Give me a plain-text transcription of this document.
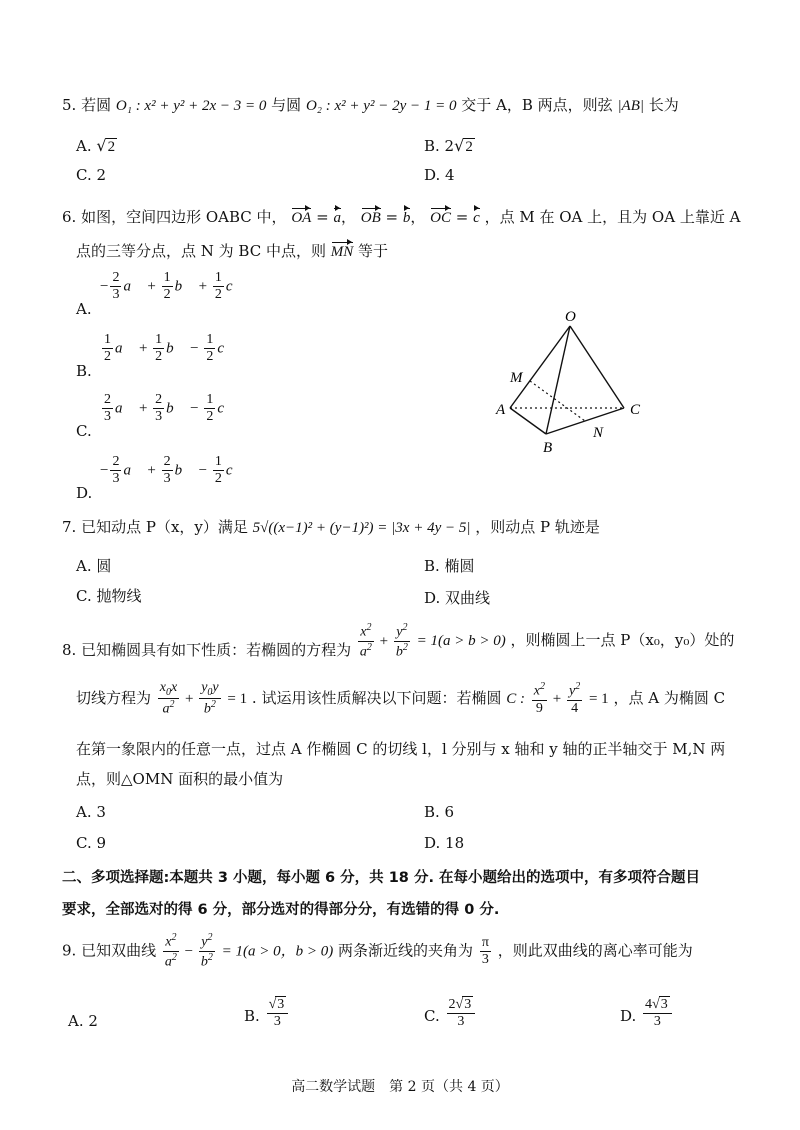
5. 若圆 O₁ : x² + y² + 2x − 3 = 0 与圆 O₂ : x² + y² − 2y − 1 = 0 交于 A，B 两点，则弦 |AB| 长为
A. √2	B. 2√2
C. 2	D. 4
6. 如图，空间四边形 OABC 中， OA = a， OB = b， OC = c ，点 M 在 OA 上，且为 OA 上靠近 A
点的三等分点，点 N 为 BC 中点，则 MN 等于
A.
− $\frac{2}{3}$ a⃗ + $\frac{1}{2}$ b⃗ + $\frac{1}{2}$ c⃗
B.
$\frac{1}{2}$ a⃗ + $\frac{1}{2}$ b⃗ − $\frac{1}{2}$ c⃗
C.
$\frac{2}{3}$ a⃗ + $\frac{2}{3}$ b⃗ − $\frac{1}{2}$ c⃗
D.
− $\frac{2}{3}$ a⃗ + $\frac{2}{3}$ b⃗ − $\frac{1}{2}$ c⃗
O
M
A	C
N
B
7. 已知动点 P（x，y）满足 5√((x−1)² + (y−1)²) = |3x + 4y − 5| ，则动点 P 轨迹是
A. 圆	B. 椭圆
C. 抛物线	D. 双曲线
8. 已知椭圆具有如下性质：若椭圆的方程为 $\frac{x^2}{a^2} + \frac{y^2}{b^2} = 1(a > b > 0)$ ，则椭圆上一点 P（x₀，y₀）处的
切线方程为 $\frac{x_0x}{a^2} + \frac{y_0y}{b^2} = 1$ . 试运用该性质解决以下问题：若椭圆 C : $\frac{x^2}{9} + \frac{y^2}{4} = 1$ ，点 A 为椭圆 C
在第一象限内的任意一点，过点 A 作椭圆 C 的切线 l，l 分别与 x 轴和 y 轴的正半轴交于 M,N 两
点，则△OMN 面积的最小值为
A. 3	B. 6
C. 9	D. 18
二、多项选择题:本题共 3 小题，每小题 6 分，共 18 分. 在每小题给出的选项中，有多项符合题目
要求，全部选对的得 6 分，部分选对的得部分分，有选错的得 0 分.
9. 已知双曲线 $\frac{x^2}{a^2} - \frac{y^2}{b^2} = 1(a > 0$，b > 0) 两条渐近线的夹角为 $\frac{\pi}{3}$ ，则此双曲线的离心率可能为
A. 2	B. $\frac{√3}{3}$	C. $\frac{2√3}{3}$	D. $\frac{4√3}{3}$
高二数学试题　第 2 页（共 4 页）
